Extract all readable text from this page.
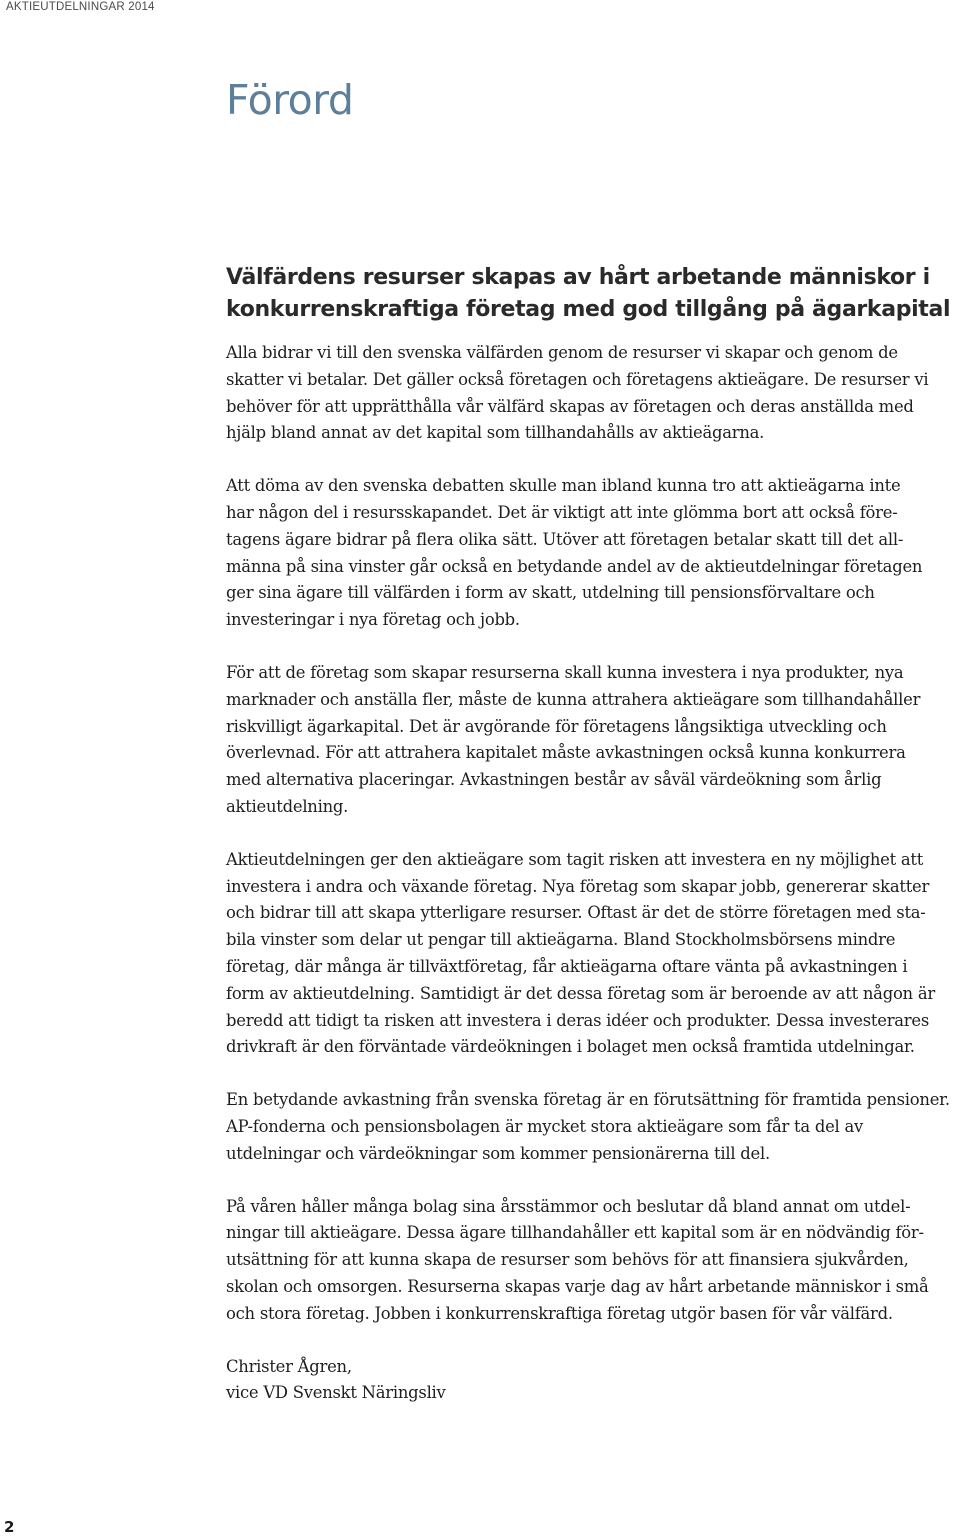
AKTIEUTDELNINGAR 2014
Förord
Välfärdens resurser skapas av hårt arbetande människor i
konkurrenskraftiga företag med god tillgång på ägarkapital

Alla bidrar vi till den svenska välfärden genom de resurser vi skapar och genom de
skatter vi betalar. Det gäller också företagen och företagens aktieägare. De resurser vi
behöver för att upprätthålla vår välfärd skapas av företagen och deras anställda med
hjälp bland annat av det kapital som tillhandahålls av aktieägarna.

Att döma av den svenska debatten skulle man ibland kunna tro att aktieägarna inte
har någon del i resursskapandet. Det är viktigt att inte glömma bort att också före-
tagens ägare bidrar på flera olika sätt. Utöver att företagen betalar skatt till det all-
männa på sina vinster går också en betydande andel av de aktieutdelningar företagen
ger sina ägare till välfärden i form av skatt, utdelning till pensionsförvaltare och
investeringar i nya företag och jobb.

För att de företag som skapar resurserna skall kunna investera i nya produkter, nya
marknader och anställa fler, måste de kunna attrahera aktieägare som tillhandahåller
riskvilligt ägarkapital. Det är avgörande för företagens långsiktiga utveckling och
överlevnad. För att attrahera kapitalet måste avkastningen också kunna konkurrera
med alternativa placeringar. Avkastningen består av såväl värdeökning som årlig
aktieutdelning.

Aktieutdelningen ger den aktieägare som tagit risken att investera en ny möjlighet att
investera i andra och växande företag. Nya företag som skapar jobb, genererar skatter
och bidrar till att skapa ytterligare resurser. Oftast är det de större företagen med sta-
bila vinster som delar ut pengar till aktieägarna. Bland Stockholmsbörsens mindre
företag, där många är tillväxtföretag, får aktieägarna oftare vänta på avkastningen i
form av aktieutdelning. Samtidigt är det dessa företag som är beroende av att någon är
beredd att tidigt ta risken att investera i deras idéer och produkter. Dessa investerares
drivkraft är den förväntade värdeökningen i bolaget men också framtida utdelningar.

En betydande avkastning från svenska företag är en förutsättning för framtida pensioner.
AP-fonderna och pensionsbolagen är mycket stora aktieägare som får ta del av
utdelningar och värdeökningar som kommer pensionärerna till del.

På våren håller många bolag sina årsstämmor och beslutar då bland annat om utdel-
ningar till aktieägare. Dessa ägare tillhandahåller ett kapital som är en nödvändig för-
utsättning för att kunna skapa de resurser som behövs för att finansiera sjukvården,
skolan och omsorgen. Resurserna skapas varje dag av hårt arbetande människor i små
och stora företag. Jobben i konkurrenskraftiga företag utgör basen för vår välfärd.

Christer Ågren,
vice VD Svenskt Näringsliv

2
